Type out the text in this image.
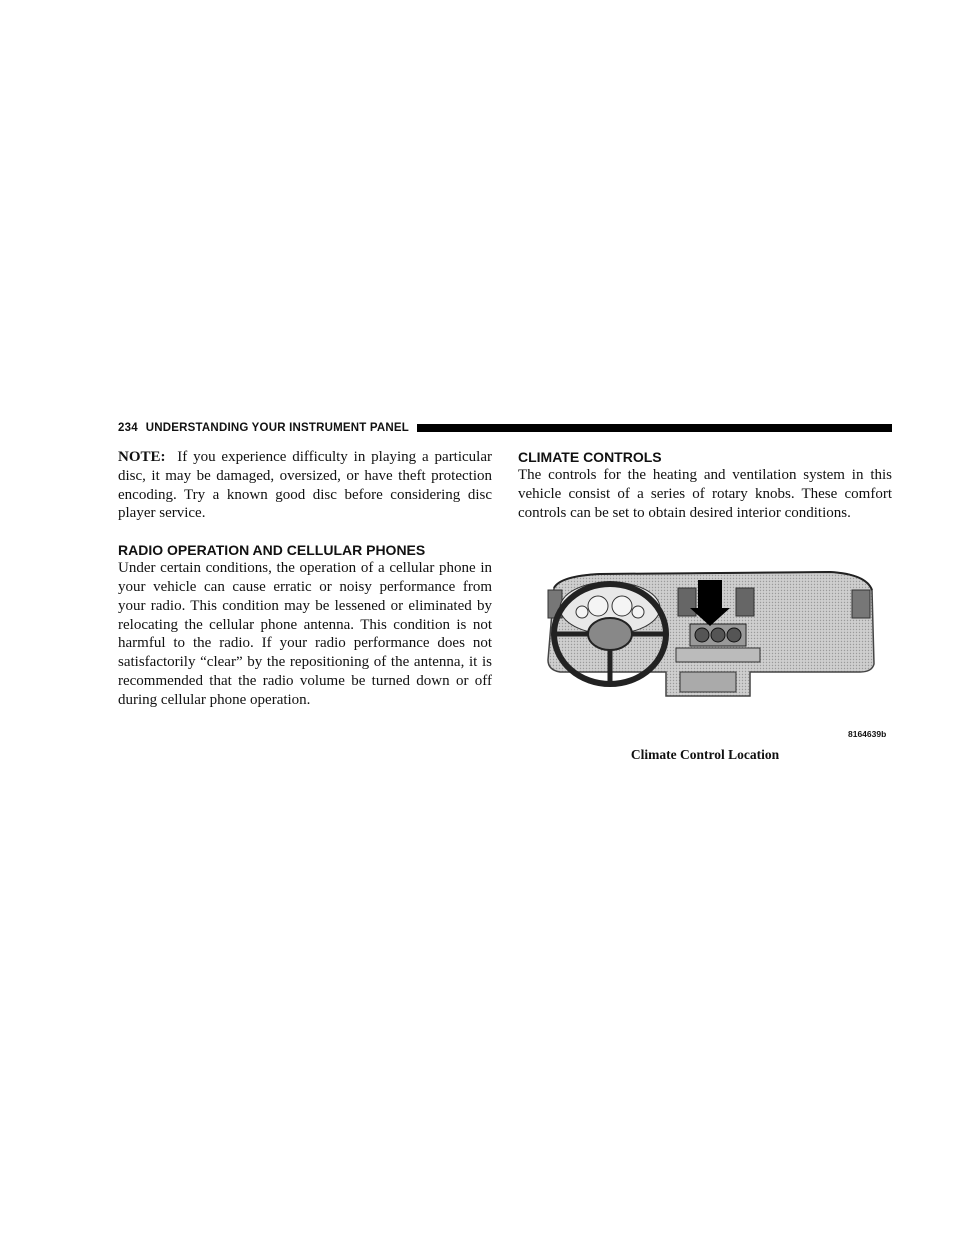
234 UNDERSTANDING YOUR INSTRUMENT PANEL

NOTE: If you experience difficulty in playing a particular disc, it may be damaged, oversized, or have theft protection encoding. Try a known good disc before considering disc player service.

RADIO OPERATION AND CELLULAR PHONES

Under certain conditions, the operation of a cellular phone in your vehicle can cause erratic or noisy performance from your radio. This condition may be lessened or eliminated by relocating the cellular phone antenna. This condition is not harmful to the radio. If your radio performance does not satisfactorily “clear” by the repositioning of the antenna, it is recommended that the radio volume be turned down or off during cellular phone operation.

CLIMATE CONTROLS

The controls for the heating and ventilation system in this vehicle consist of a series of rotary knobs. These comfort controls can be set to obtain desired interior conditions.

8164639b
Climate Control Location
